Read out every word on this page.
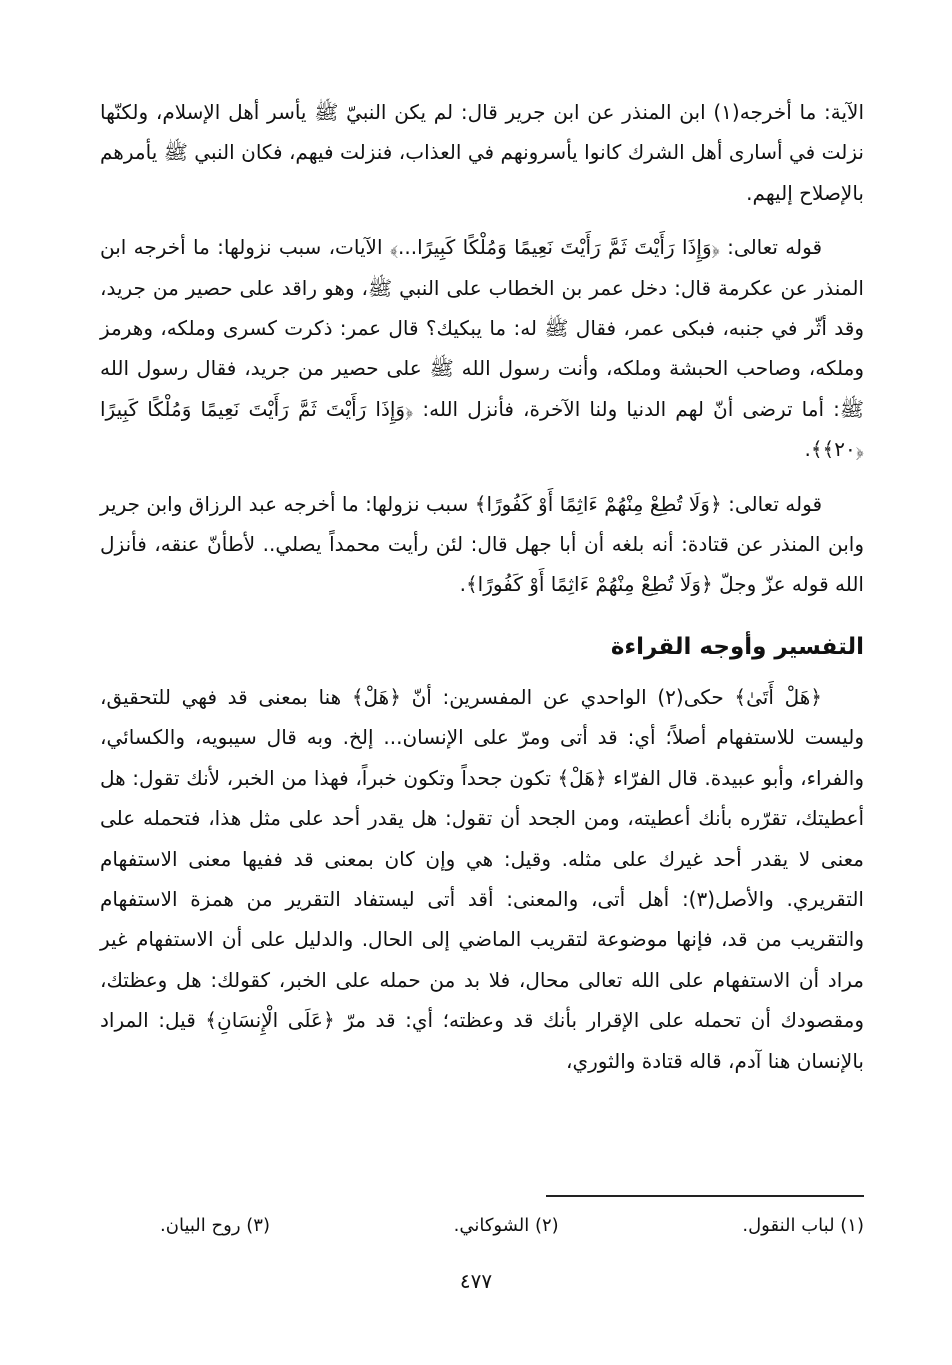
الآية: ما أخرجه(١) ابن المنذر عن ابن جرير قال: لم يكن النبيّ ﷺ يأسر أهل الإسلام، ولكنّها نزلت في أسارى أهل الشرك كانوا يأسرونهم في العذاب، فنزلت فيهم، فكان النبي ﷺ يأمرهم بالإصلاح إليهم.

قوله تعالى: ﴿وَإِذَا رَأَيْتَ ثَمَّ رَأَيْتَ نَعِيمًا وَمُلْكًا كَبِيرًا...﴾ الآيات، سبب نزولها: ما أخرجه ابن المنذر عن عكرمة قال: دخل عمر بن الخطاب على النبي ﷺ، وهو راقد على حصير من جريد، وقد أثّر في جنبه، فبكى عمر، فقال ﷺ له: ما يبكيك؟ قال عمر: ذكرت كسرى وملكه، وهرمز وملكه، وصاحب الحبشة وملكه، وأنت رسول الله ﷺ على حصير من جريد، فقال رسول الله ﷺ: أما ترضى أنّ لهم الدنيا ولنا الآخرة، فأنزل الله: ﴿وَإِذَا رَأَيْتَ ثَمَّ رَأَيْتَ نَعِيمًا وَمُلْكًا كَبِيرًا ﴿٢٠﴾﴾.

قوله تعالى: ﴿وَلَا تُطِعْ مِنْهُمْ ءَاثِمًا أَوْ كَفُورًا﴾ سبب نزولها: ما أخرجه عبد الرزاق وابن جرير وابن المنذر عن قتادة: أنه بلغه أن أبا جهل قال: لئن رأيت محمداً يصلي.. لأطأنّ عنقه، فأنزل الله قوله عزّ وجلّ ﴿وَلَا تُطِعْ مِنْهُمْ ءَاثِمًا أَوْ كَفُورًا﴾.

التفسير وأوجه القراءة

﴿هَلْ أَتَىٰ﴾ حكى(٢) الواحدي عن المفسرين: أنّ ﴿هَلْ﴾ هنا بمعنى قد فهي للتحقيق، وليست للاستفهام أصلاً؛ أي: قد أتى ومرّ على الإنسان... إلخ. وبه قال سيبويه، والكسائي، والفراء، وأبو عبيدة. قال الفرّاء ﴿هَلْ﴾ تكون جحداً وتكون خبراً، فهذا من الخبر، لأنك تقول: هل أعطيتك، تقرّره بأنك أعطيته، ومن الجحد أن تقول: هل يقدر أحد على مثل هذا، فتحمله على معنى لا يقدر أحد غيرك على مثله. وقيل: هي وإن كان بمعنى قد ففيها معنى الاستفهام التقريري. والأصل(٣): أهل أتى، والمعنى: أقد أتى ليستفاد التقرير من همزة الاستفهام والتقريب من قد، فإنها موضوعة لتقريب الماضي إلى الحال. والدليل على أن الاستفهام غير مراد أن الاستفهام على الله تعالى محال، فلا بد من حمله على الخبر، كقولك: هل وعظتك، ومقصودك أن تحمله على الإقرار بأنك قد وعظته؛ أي: قد مرّ ﴿عَلَى الْإِنسَانِ﴾ قيل: المراد بالإنسان هنا آدم، قاله قتادة والثوري،

(١) لباب النقول.
(٢) الشوكاني.
(٣) روح البيان.
٤٧٧
